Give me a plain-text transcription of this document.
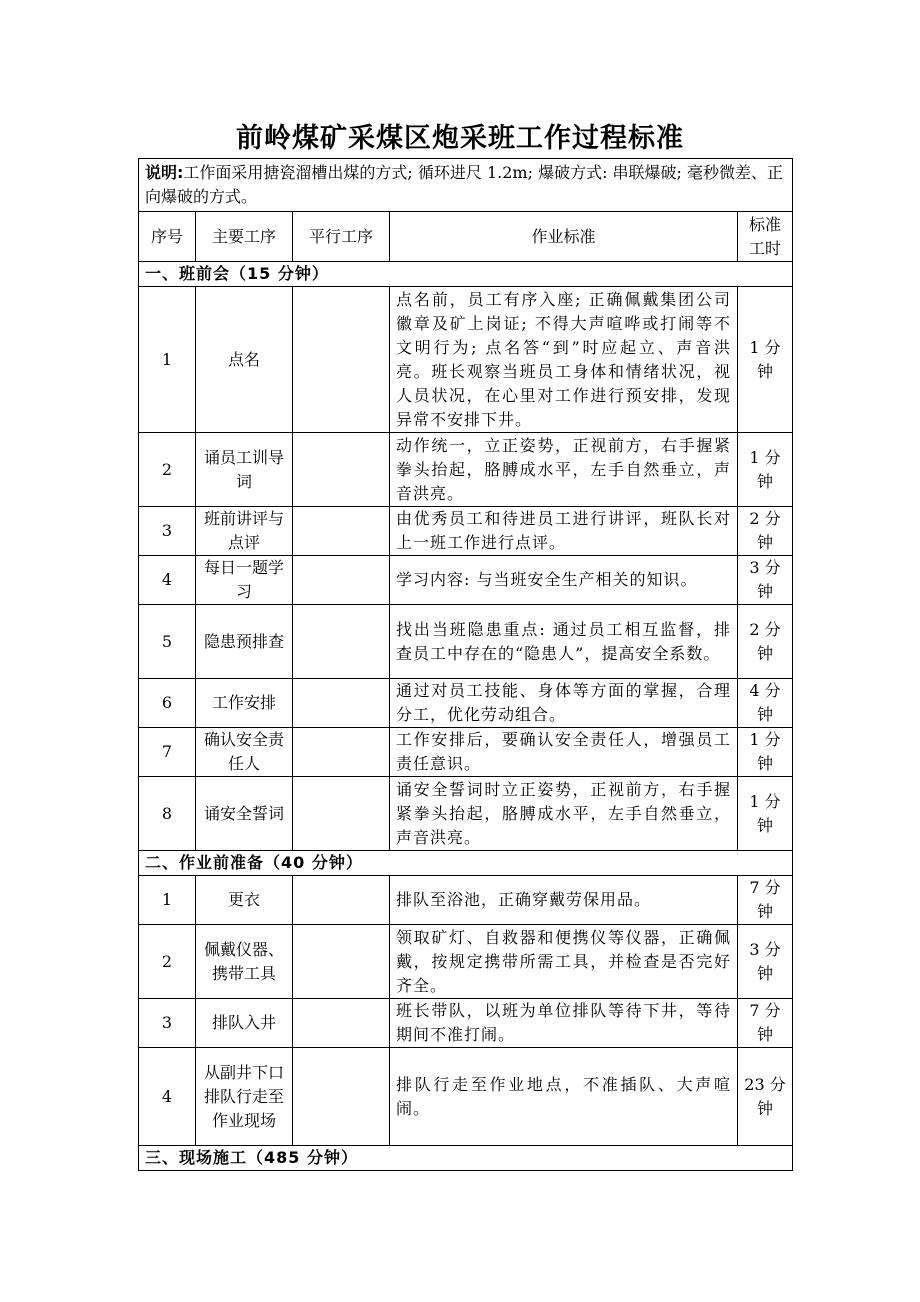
前岭煤矿采煤区炮采班工作过程标准
说明:工作面采用搪瓷溜槽出煤的方式; 循环进尺 1.2m; 爆破方式: 串联爆破; 毫秒微差、正向爆破的方式。				
序号	主要工序	平行工序	作业标准	标准工时
一、班前会（15 分钟）				
1	点名		点名前，员工有序入座; 正确佩戴集团公司徽章及矿上岗证; 不得大声喧哗或打闹等不文明行为; 点名答“到”时应起立、声音洪亮。班长观察当班员工身体和情绪状况，视人员状况，在心里对工作进行预安排，发现异常不安排下井。	1 分钟
2	诵员工训导词		动作统一，立正姿势，正视前方，右手握紧拳头抬起，胳膊成水平，左手自然垂立，声音洪亮。	1 分钟
3	班前讲评与点评		由优秀员工和待进员工进行讲评，班队长对上一班工作进行点评。	2 分钟
4	每日一题学习		学习内容: 与当班安全生产相关的知识。	3 分钟
5	隐患预排查		找出当班隐患重点: 通过员工相互监督，排查员工中存在的“隐患人”，提高安全系数。	2 分钟
6	工作安排		通过对员工技能、身体等方面的掌握，合理分工，优化劳动组合。	4 分钟
7	确认安全责任人		工作安排后，要确认安全责任人，增强员工责任意识。	1 分钟
8	诵安全誓词		诵安全誓词时立正姿势，正视前方，右手握紧拳头抬起，胳膊成水平，左手自然垂立，声音洪亮。	1 分钟
二、作业前准备（40 分钟）				
1	更衣		排队至浴池，正确穿戴劳保用品。	7 分钟
2	佩戴仪器、携带工具		领取矿灯、自救器和便携仪等仪器，正确佩戴，按规定携带所需工具，并检查是否完好齐全。	3 分钟
3	排队入井		班长带队，以班为单位排队等待下井，等待期间不准打闹。	7 分钟
4	从副井下口排队行走至作业现场		排队行走至作业地点，不准插队、大声喧闹。	23 分钟
三、现场施工（485 分钟）				
